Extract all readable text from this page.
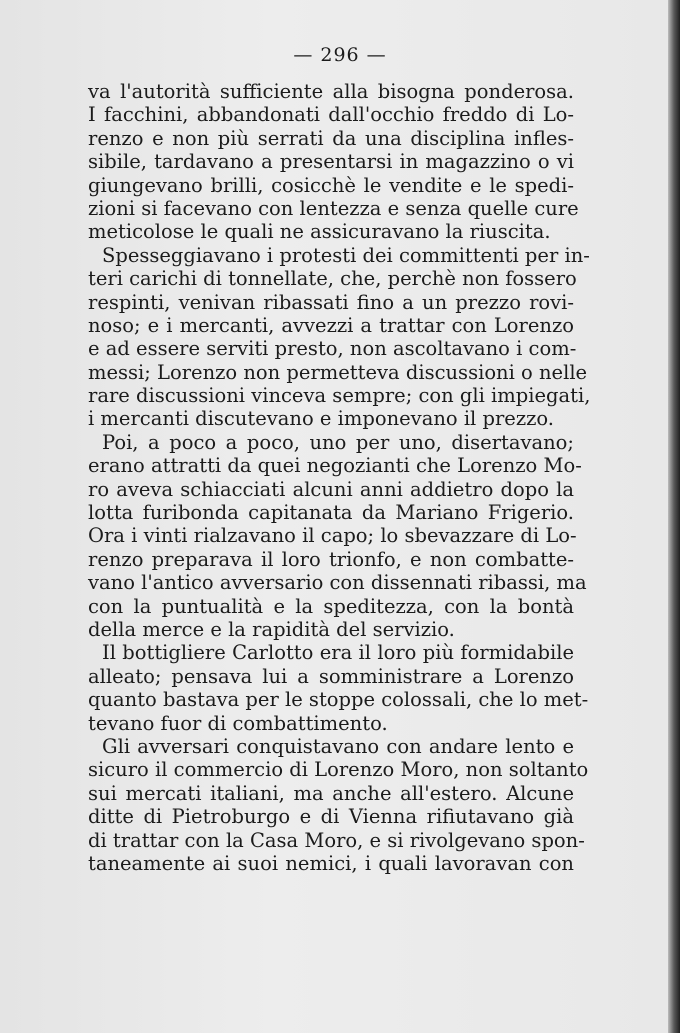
— 296 —
va l'autorità sufficiente alla bisogna ponderosa.
I facchini, abbandonati dall'occhio freddo di Lo-
renzo e non più serrati da una disciplina infles-
sibile, tardavano a presentarsi in magazzino o vi
giungevano brilli, cosicchè le vendite e le spedi-
zioni si facevano con lentezza e senza quelle cure
meticolose le quali ne assicuravano la riuscita.
Spesseggiavano i protesti dei committenti per in-
teri carichi di tonnellate, che, perchè non fossero
respinti, venivan ribassati fino a un prezzo rovi-
noso; e i mercanti, avvezzi a trattar con Lorenzo
e ad essere serviti presto, non ascoltavano i com-
messi; Lorenzo non permetteva discussioni o nelle
rare discussioni vinceva sempre; con gli impiegati,
i mercanti discutevano e imponevano il prezzo.
Poi, a poco a poco, uno per uno, disertavano;
erano attratti da quei negozianti che Lorenzo Mo-
ro aveva schiacciati alcuni anni addietro dopo la
lotta furibonda capitanata da Mariano Frigerio.
Ora i vinti rialzavano il capo; lo sbevazzare di Lo-
renzo preparava il loro trionfo, e non combatte-
vano l'antico avversario con dissennati ribassi, ma
con la puntualità e la speditezza, con la bontà
della merce e la rapidità del servizio.
Il bottigliere Carlotto era il loro più formidabile
alleato; pensava lui a somministrare a Lorenzo
quanto bastava per le stoppe colossali, che lo met-
tevano fuor di combattimento.
Gli avversari conquistavano con andare lento e
sicuro il commercio di Lorenzo Moro, non soltanto
sui mercati italiani, ma anche all'estero. Alcune
ditte di Pietroburgo e di Vienna rifiutavano già
di trattar con la Casa Moro, e si rivolgevano spon-
taneamente ai suoi nemici, i quali lavoravan con
